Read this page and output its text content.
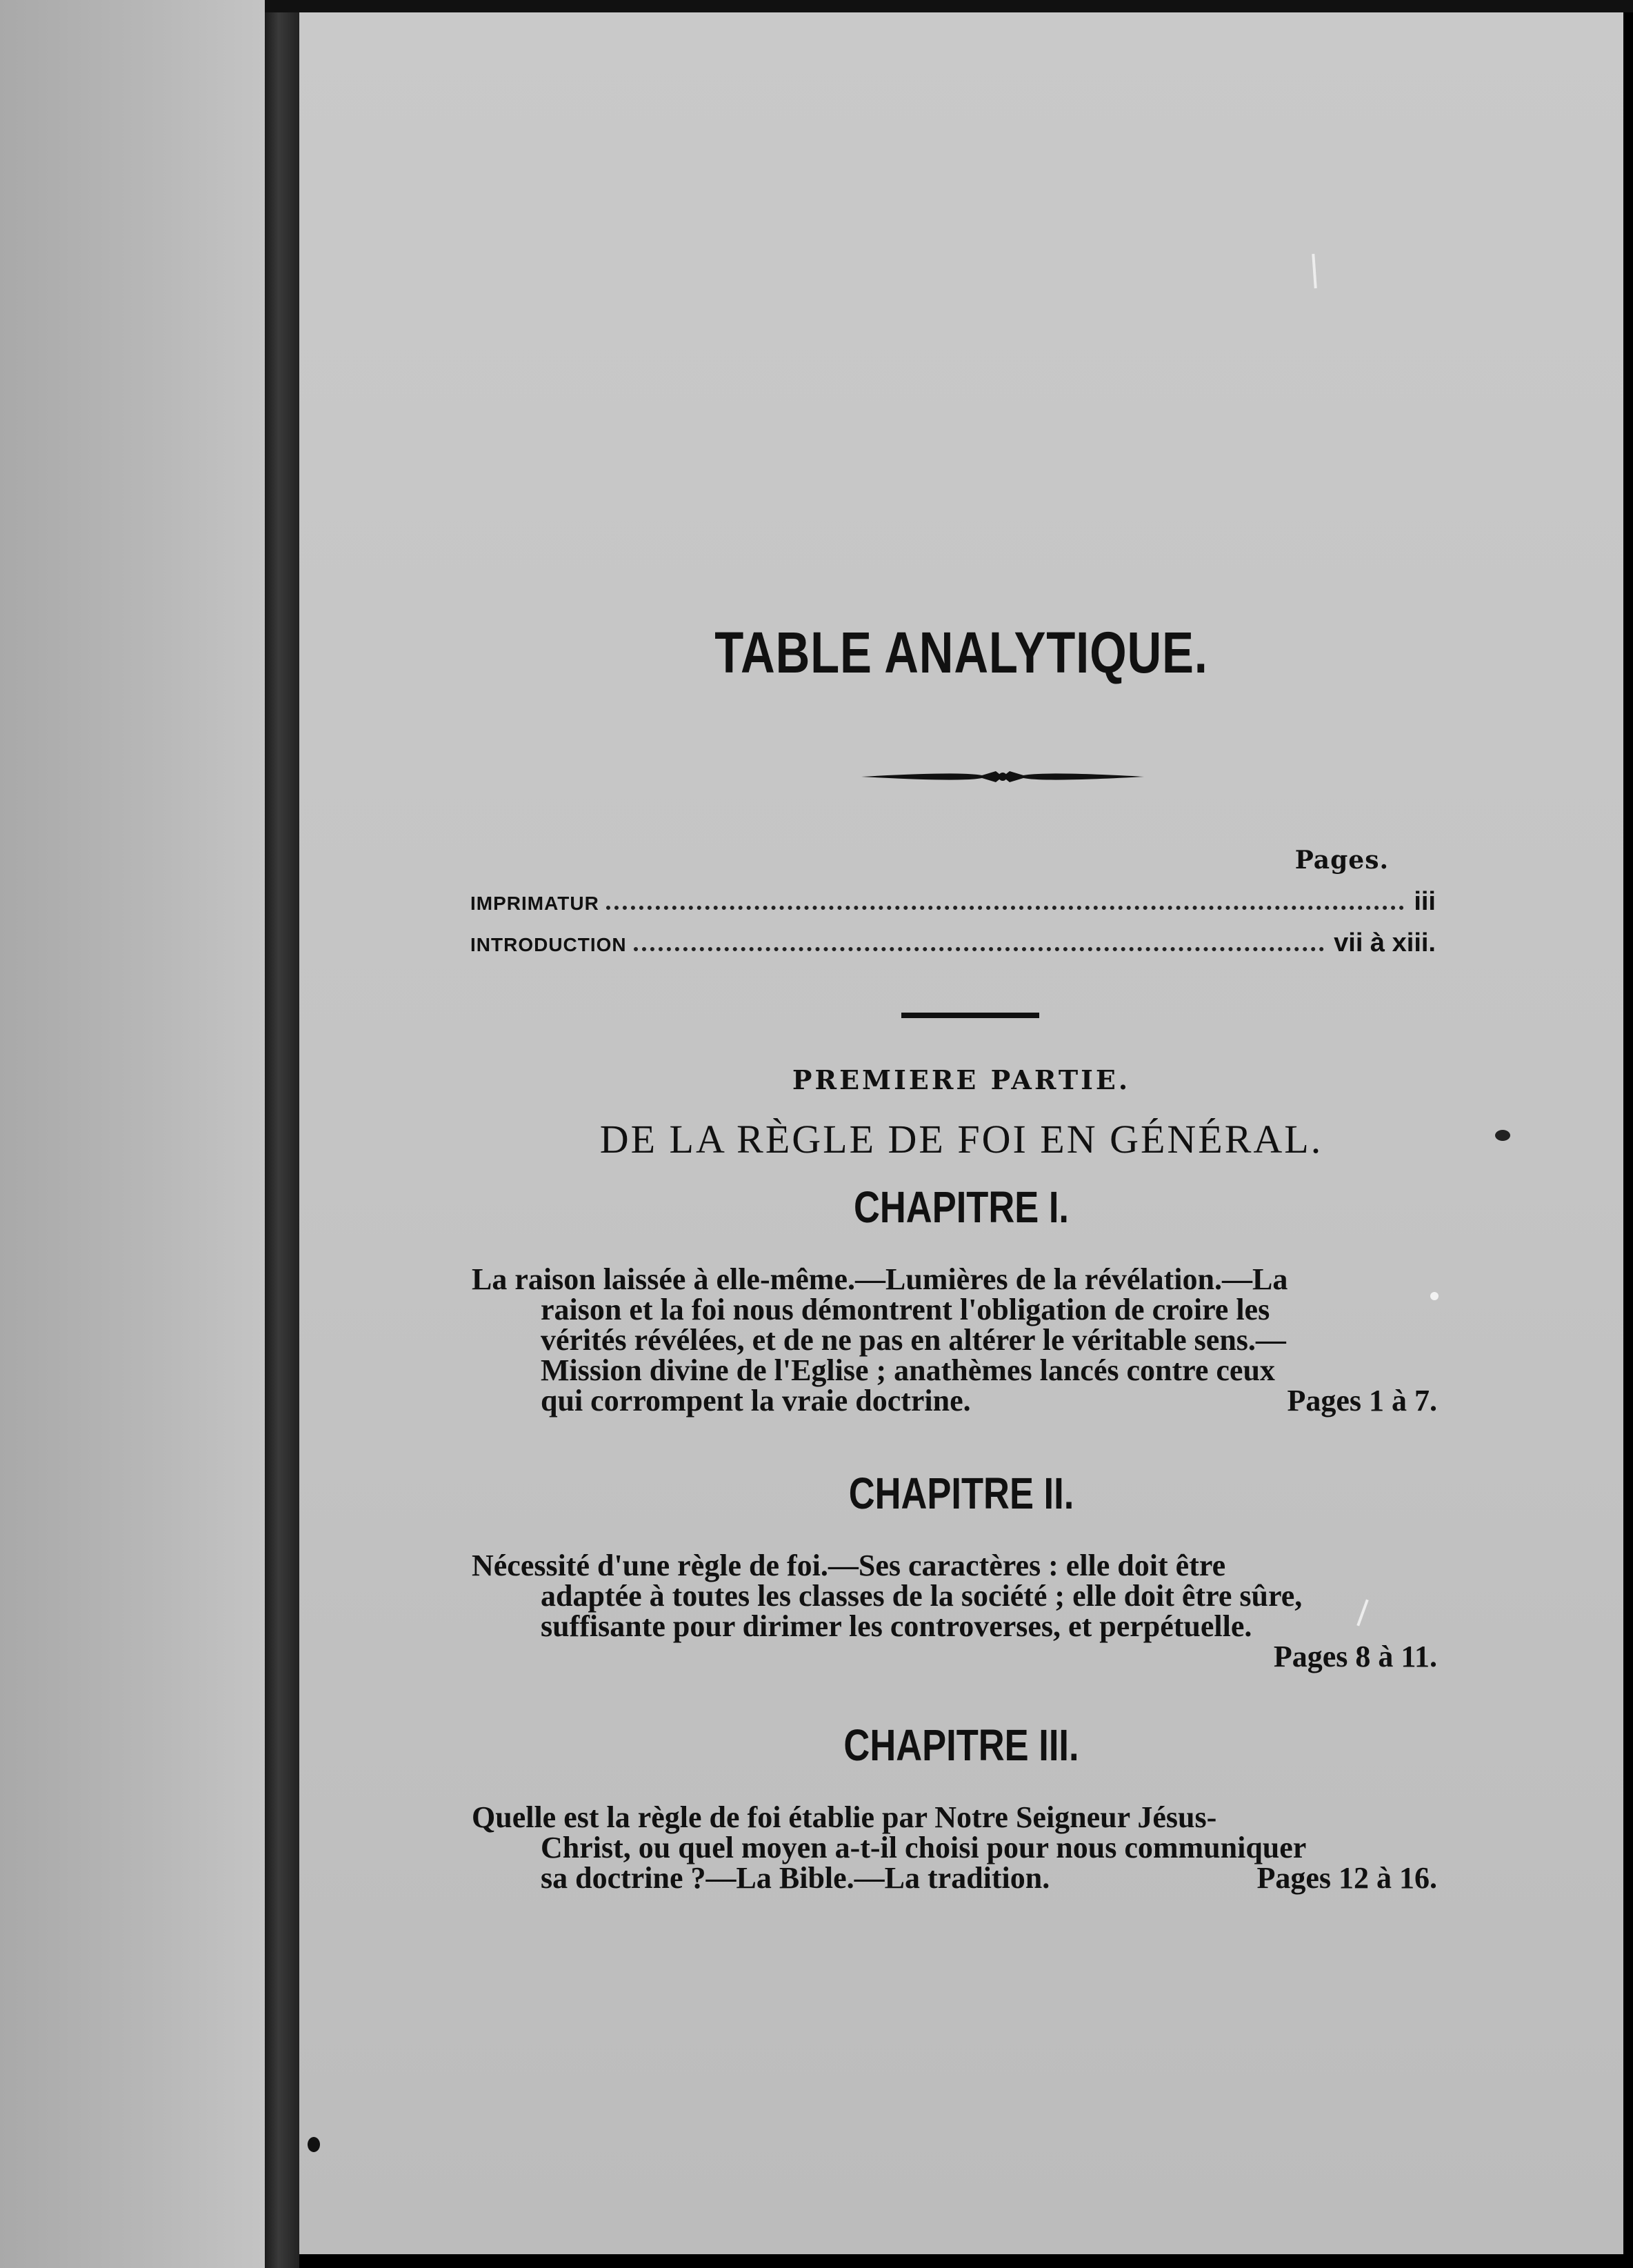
TABLE ANALYTIQUE.
Pages.
IMPRIMATUR	iii
INTRODUCTION	vii à xiii.
PREMIERE PARTIE.
DE LA RÈGLE DE FOI EN GÉNÉRAL.
CHAPITRE I.
La raison laissée à elle-même.—Lumières de la révélation.—La
raison et la foi nous démontrent l'obligation de croire les
vérités révélées, et de ne pas en altérer le véritable sens.—
Mission divine de l'Eglise ; anathèmes lancés contre ceux
qui corrompent la vraie doctrine.	Pages 1 à 7.
CHAPITRE II.
Nécessité d'une règle de foi.—Ses caractères : elle doit être
adaptée à toutes les classes de la société ; elle doit être sûre,
suffisante pour dirimer les controverses, et perpétuelle.
Pages 8 à 11.
CHAPITRE III.
Quelle est la règle de foi établie par Notre Seigneur Jésus-
Christ, ou quel moyen a-t-il choisi pour nous communiquer
sa doctrine ?—La Bible.—La tradition.	Pages 12 à 16.
